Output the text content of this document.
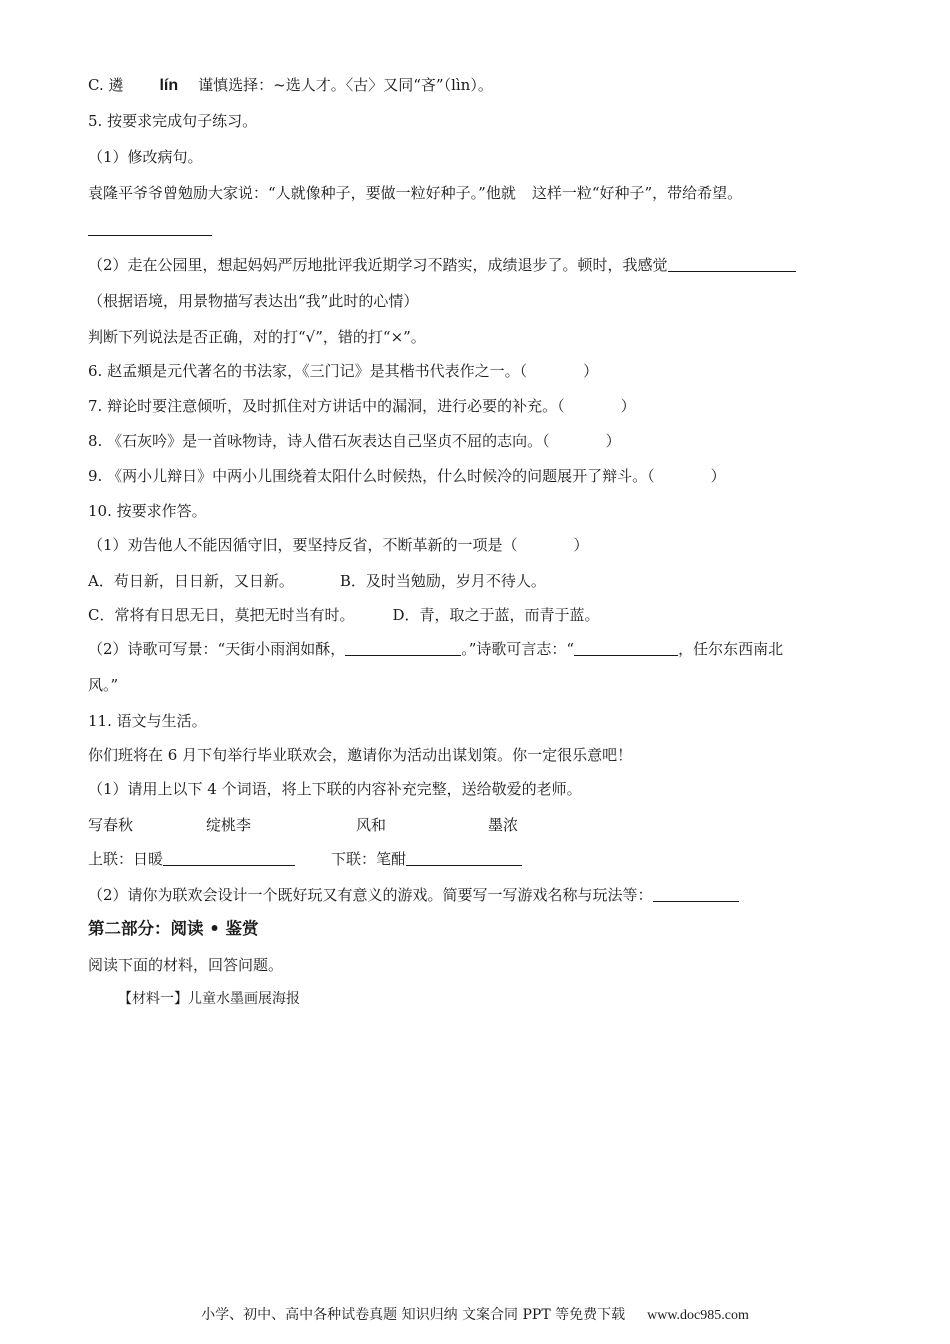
C. 遴 lín 谨慎选择：~选人才。〈古〉又同“吝”（lìn）。
5. 按要求完成句子练习。
（1）修改病句。
袁隆平爷爷曾勉励大家说：“人就像种子，要做一粒好种子。”他就 这样一粒“好种子”，带给希望。
（2）走在公园里，想起妈妈严厉地批评我近期学习不踏实，成绩退步了。顿时，我感觉
（根据语境，用景物描写表达出“我”此时的心情）
判断下列说法是否正确，对的打“√”，错的打“×”。
6. 赵孟頫是元代著名的书法家，《三门记》是其楷书代表作之一。（	）
7. 辩论时要注意倾听，及时抓住对方讲话中的漏洞，进行必要的补充。（	）
8. 《石灰吟》是一首咏物诗，诗人借石灰表达自己坚贞不屈的志向。（	）
9. 《两小儿辩日》中两小儿围绕着太阳什么时候热，什么时候冷的问题展开了辩斗。（	）
10. 按要求作答。
（1）劝告他人不能因循守旧，要坚持反省，不断革新的一项是（	）
A．苟日新，日日新，又日新。	B．及时当勉励，岁月不待人。
C．常将有日思无日，莫把无时当有时。	D．青，取之于蓝，而青于蓝。
（2）诗歌可写景：“天街小雨润如酥，	。”诗歌可言志：“	，任尔东西南北
风。”
11. 语文与生活。
你们班将在 6 月下旬举行毕业联欢会，邀请你为活动出谋划策。你一定很乐意吧！
（1）请用上以下 4 个词语，将上下联的内容补充完整，送给敬爱的老师。
写春秋	绽桃李	风和	墨浓
上联：日暖	下联：笔酣
（2）请你为联欢会设计一个既好玩又有意义的游戏。简要写一写游戏名称与玩法等：
第二部分：阅读 • 鉴赏
阅读下面的材料，回答问题。
【材料一】儿童水墨画展海报
小学、初中、高中各种试卷真题 知识归纳 文案合同 PPT 等免费下载 www.doc985.com
